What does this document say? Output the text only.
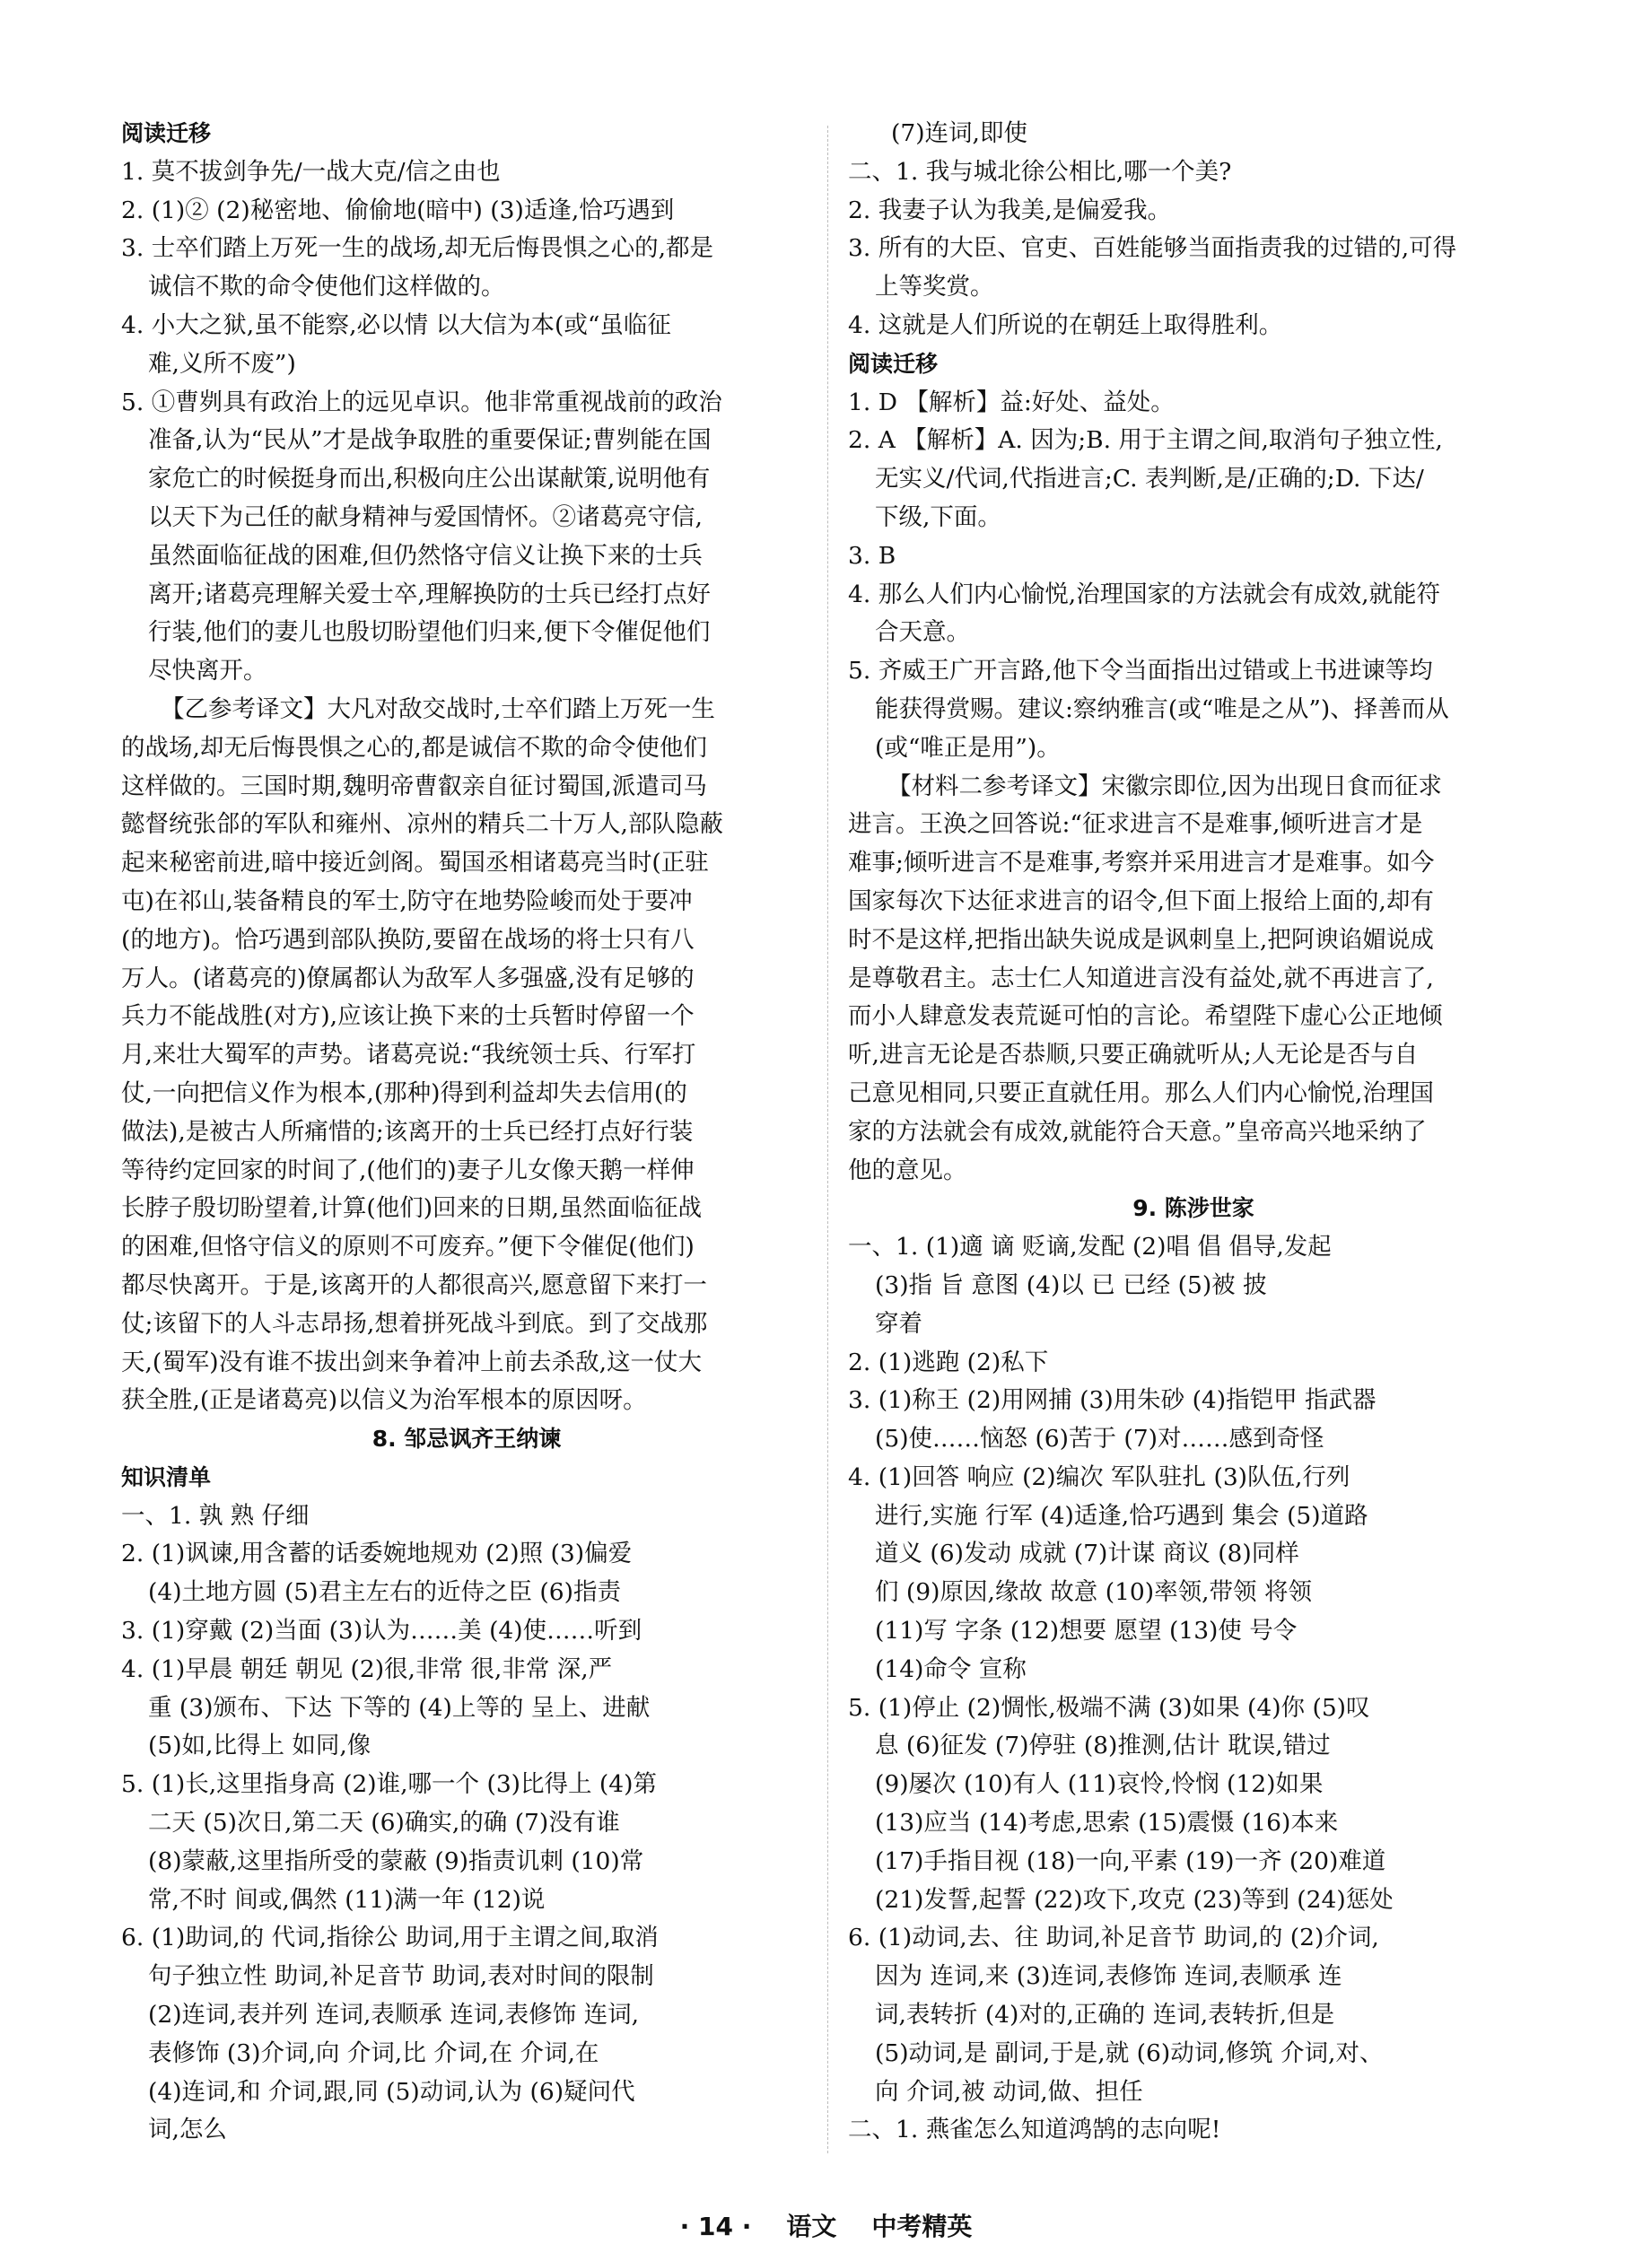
阅读迁移

1. 莫不拔剑争先/一战大克/信之由也

2. (1)② (2)秘密地、偷偷地(暗中) (3)适逢,恰巧遇到

3. 士卒们踏上万死一生的战场,却无后悔畏惧之心的,都是

诚信不欺的命令使他们这样做的。

4. 小大之狱,虽不能察,必以情 以大信为本(或“虽临征

难,义所不废”)

5. ①曹刿具有政治上的远见卓识。他非常重视战前的政治

准备,认为“民从”才是战争取胜的重要保证;曹刿能在国

家危亡的时候挺身而出,积极向庄公出谋献策,说明他有

以天下为己任的献身精神与爱国情怀。②诸葛亮守信,

虽然面临征战的困难,但仍然恪守信义让换下来的士兵

离开;诸葛亮理解关爱士卒,理解换防的士兵已经打点好

行装,他们的妻儿也殷切盼望他们归来,便下令催促他们

尽快离开。

【乙参考译文】大凡对敌交战时,士卒们踏上万死一生

的战场,却无后悔畏惧之心的,都是诚信不欺的命令使他们

这样做的。三国时期,魏明帝曹叡亲自征讨蜀国,派遣司马

懿督统张郃的军队和雍州、凉州的精兵二十万人,部队隐蔽

起来秘密前进,暗中接近剑阁。蜀国丞相诸葛亮当时(正驻

屯)在祁山,装备精良的军士,防守在地势险峻而处于要冲

(的地方)。恰巧遇到部队换防,要留在战场的将士只有八

万人。(诸葛亮的)僚属都认为敌军人多强盛,没有足够的

兵力不能战胜(对方),应该让换下来的士兵暂时停留一个

月,来壮大蜀军的声势。诸葛亮说:“我统领士兵、行军打

仗,一向把信义作为根本,(那种)得到利益却失去信用(的

做法),是被古人所痛惜的;该离开的士兵已经打点好行装

等待约定回家的时间了,(他们的)妻子儿女像天鹅一样伸

长脖子殷切盼望着,计算(他们)回来的日期,虽然面临征战

的困难,但恪守信义的原则不可废弃。”便下令催促(他们)

都尽快离开。于是,该离开的人都很高兴,愿意留下来打一

仗;该留下的人斗志昂扬,想着拼死战斗到底。到了交战那

天,(蜀军)没有谁不拔出剑来争着冲上前去杀敌,这一仗大

获全胜,(正是诸葛亮)以信义为治军根本的原因呀。

8. 邹忌讽齐王纳谏

知识清单

一、1. 孰 熟 仔细

2. (1)讽谏,用含蓄的话委婉地规劝 (2)照 (3)偏爱

(4)土地方圆 (5)君主左右的近侍之臣 (6)指责

3. (1)穿戴 (2)当面 (3)认为……美 (4)使……听到

4. (1)早晨 朝廷 朝见 (2)很,非常 很,非常 深,严

重 (3)颁布、下达 下等的 (4)上等的 呈上、进献

(5)如,比得上 如同,像

5. (1)长,这里指身高 (2)谁,哪一个 (3)比得上 (4)第

二天 (5)次日,第二天 (6)确实,的确 (7)没有谁

(8)蒙蔽,这里指所受的蒙蔽 (9)指责讥刺 (10)常

常,不时 间或,偶然 (11)满一年 (12)说

6. (1)助词,的 代词,指徐公 助词,用于主谓之间,取消

句子独立性 助词,补足音节 助词,表对时间的限制

(2)连词,表并列 连词,表顺承 连词,表修饰 连词,

表修饰 (3)介词,向 介词,比 介词,在 介词,在

(4)连词,和 介词,跟,同 (5)动词,认为 (6)疑问代

词,怎么

(7)连词,即使

二、1. 我与城北徐公相比,哪一个美?

2. 我妻子认为我美,是偏爱我。

3. 所有的大臣、官吏、百姓能够当面指责我的过错的,可得

上等奖赏。

4. 这就是人们所说的在朝廷上取得胜利。

阅读迁移

1. D 【解析】益:好处、益处。

2. A 【解析】A. 因为;B. 用于主谓之间,取消句子独立性,

无实义/代词,代指进言;C. 表判断,是/正确的;D. 下达/

下级,下面。

3. B

4. 那么人们内心愉悦,治理国家的方法就会有成效,就能符

合天意。

5. 齐威王广开言路,他下令当面指出过错或上书进谏等均

能获得赏赐。建议:察纳雅言(或“唯是之从”)、择善而从

(或“唯正是用”)。

【材料二参考译文】宋徽宗即位,因为出现日食而征求

进言。王涣之回答说:“征求进言不是难事,倾听进言才是

难事;倾听进言不是难事,考察并采用进言才是难事。如今

国家每次下达征求进言的诏令,但下面上报给上面的,却有

时不是这样,把指出缺失说成是讽刺皇上,把阿谀谄媚说成

是尊敬君主。志士仁人知道进言没有益处,就不再进言了,

而小人肆意发表荒诞可怕的言论。希望陛下虚心公正地倾

听,进言无论是否恭顺,只要正确就听从;人无论是否与自

己意见相同,只要正直就任用。那么人们内心愉悦,治理国

家的方法就会有成效,就能符合天意。”皇帝高兴地采纳了

他的意见。

9. 陈涉世家

一、1. (1)適 谪 贬谪,发配 (2)唱 倡 倡导,发起

(3)指 旨 意图 (4)以 已 已经 (5)被 披

穿着

2. (1)逃跑 (2)私下

3. (1)称王 (2)用网捕 (3)用朱砂 (4)指铠甲 指武器

(5)使……恼怒 (6)苦于 (7)对……感到奇怪

4. (1)回答 响应 (2)编次 军队驻扎 (3)队伍,行列

进行,实施 行军 (4)适逢,恰巧遇到 集会 (5)道路

道义 (6)发动 成就 (7)计谋 商议 (8)同样

们 (9)原因,缘故 故意 (10)率领,带领 将领

(11)写 字条 (12)想要 愿望 (13)使 号令

(14)命令 宣称

5. (1)停止 (2)惆怅,极端不满 (3)如果 (4)你 (5)叹

息 (6)征发 (7)停驻 (8)推测,估计 耽误,错过

(9)屡次 (10)有人 (11)哀怜,怜悯 (12)如果

(13)应当 (14)考虑,思索 (15)震慑 (16)本来

(17)手指目视 (18)一向,平素 (19)一齐 (20)难道

(21)发誓,起誓 (22)攻下,攻克 (23)等到 (24)惩处

6. (1)动词,去、往 助词,补足音节 助词,的 (2)介词,

因为 连词,来 (3)连词,表修饰 连词,表顺承 连

词,表转折 (4)对的,正确的 连词,表转折,但是

(5)动词,是 副词,于是,就 (6)动词,修筑 介词,对、

向 介词,被 动词,做、担任

二、1. 燕雀怎么知道鸿鹄的志向呢!

· 14 · 语文 中考精英
